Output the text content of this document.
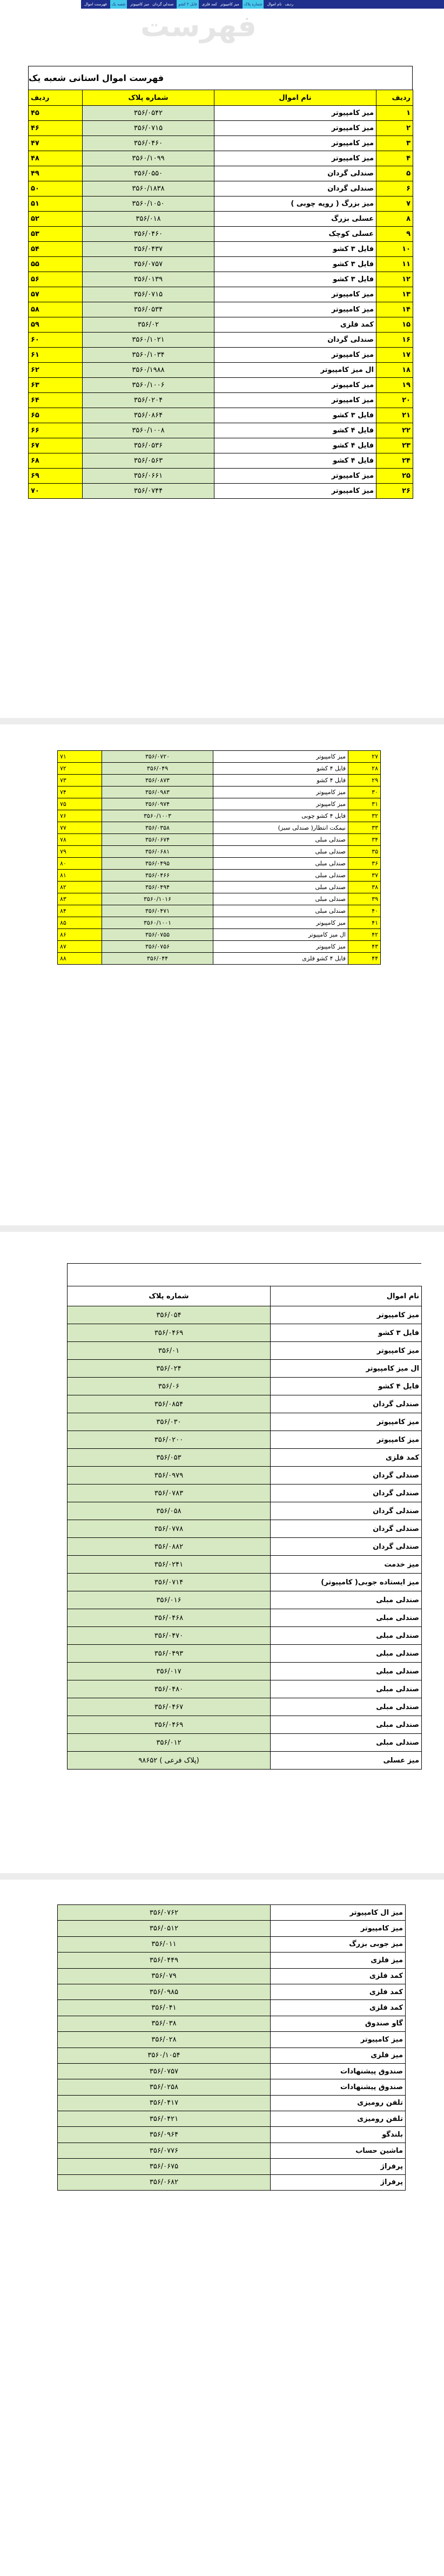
فهرست اموال	شعبه یک	میز کامپیوتر صندلی گردان	فایل ۴ کشو	کمد فلزی میز کامپیوتر	شماره پلاک	نام اموال ردیف
فهرست
فهرست اموال استانی شعبه یک
ردیف	نام اموال	شماره پلاک	ردیف
۱	میز کامپیوتر	۳۵۶/۰۵۴۲	۴۵
۲	میز کامپیوتر	۳۵۶/۰۷۱۵	۴۶
۳	میز کامپیوتر	۳۵۶/۰۴۶۰	۴۷
۴	میز کامپیوتر	۳۵۶۰/۱۰۹۹	۴۸
۵	صندلی گردان	۳۵۶/۰۵۵۰	۴۹
۶	صندلی گردان	۳۵۶۰/۱۸۳۸	۵۰
۷	میز بزرگ ( رویه چوبی )	۳۵۶۰/۱۰۵۰	۵۱
۸	عسلی بزرگ	۳۵۶/۰۱۸	۵۲
۹	عسلی کوچک	۳۵۶/۰۴۶۰	۵۳
۱۰	فایل ۳ کشو	۳۵۶/۰۴۳۷	۵۴
۱۱	فایل ۳ کشو	۳۵۶/۰۷۵۷	۵۵
۱۲	فایل ۳ کشو	۳۵۶/۰۱۳۹	۵۶
۱۳	میز کامپیوتر	۳۵۶/۰۷۱۵	۵۷
۱۴	میز کامپیوتر	۳۵۶/۰۵۳۴	۵۸
۱۵	کمد فلزی	۳۵۶/۰۲	۵۹
۱۶	صندلی گردان	۳۵۶۰/۱۰۲۱	۶۰
۱۷	میز کامپیوتر	۳۵۶۰/۱۰۳۴	۶۱
۱۸	ال میز کامپیوتر	۳۵۶۰/۱۹۸۸	۶۲
۱۹	میز کامپیوتر	۳۵۶۰/۱۰۰۶	۶۳
۲۰	میز کامپیوتر	۳۵۶/۰۲۰۴	۶۴
۲۱	فایل ۳ کشو	۳۵۶/۰۸۶۴	۶۵
۲۲	فایل ۴ کشو	۳۵۶۰/۱۰۰۸	۶۶
۲۳	فایل ۴ کشو	۳۵۶/۰۵۳۶	۶۷
۲۴	فایل ۴ کشو	۳۵۶/۰۵۶۳	۶۸
۲۵	میز کامپیوتر	۳۵۶/۰۶۶۱	۶۹
۲۶	میز کامپیوتر	۳۵۶/۰۷۴۴	۷۰
۲۷	میز کامپیوتر	۳۵۶/۰۷۲۰	۷۱
۲۸	فایل ۴ کشو	۳۵۶/۰۴۹	۷۲
۲۹	فایل ۴ کشو	۳۵۶/۰۸۷۳	۷۳
۳۰	میز کامپیوتر	۳۵۶/۰۹۸۳	۷۴
۳۱	میز کامپیوتر	۳۵۶/۰۹۷۴	۷۵
۳۲	فایل ۴ کشو چوبی	۳۵۶۰/۱۰۰۳	۷۶
۳۳	نیمکت انتظار( صندلی سبز)	۳۵۶/۰۳۵۸	۷۷
۳۴	صندلی مبلی	۳۵۶/۰۶۷۴	۷۸
۳۵	صندلی مبلی	۳۵۶/۰۶۸۱	۷۹
۳۶	صندلی مبلی	۳۵۶/۰۴۹۵	۸۰
۳۷	صندلی مبلی	۳۵۶/۰۴۶۶	۸۱
۳۸	صندلی مبلی	۳۵۶/۰۴۹۴	۸۲
۳۹	صندلی مبلی	۳۵۶۰/۱۰۱۶	۸۳
۴۰	صندلی مبلی	۳۵۶/۰۴۷۱	۸۴
۴۱	میز کامپیوتر	۳۵۶۰/۱۰۰۱	۸۵
۴۲	ال میز کامپیوتر	۳۵۶/۰۷۵۵	۸۶
۴۳	میز کامپیوتر	۳۵۶/۰۷۵۶	۸۷
۴۴	فایل ۴ کشو فلزی	۳۵۶/۰۴۴	۸۸
نام اموال	شماره پلاک
میز کامپیوتر	۳۵۶/۰۵۴
فایل ۳ کشو	۳۵۶/۰۴۶۹
میز کامپیوتر	۳۵۶/۰۱
ال میز کامپیوتر	۳۵۶/۰۲۴
فایل ۴ کشو	۳۵۶/۰۶
صندلی گردان	۳۵۶/۰۸۵۴
میز کامپیوتر	۳۵۶/۰۳۰
میز کامپیوتر	۳۵۶/۰۲۰۰
کمد فلزی	۳۵۶/۰۵۳
صندلی گردان	۳۵۶/۰۹۷۹
صندلی گردان	۳۵۶/۰۷۸۳
صندلی گردان	۳۵۶/۰۵۸
صندلی گردان	۳۵۶/۰۷۷۸
صندلی گردان	۳۵۶/۰۸۸۲
میز خدمت	۳۵۶/۰۲۴۱
میز ایستاده جوبی( کامپیوتر)	۳۵۶/۰۷۱۴
صندلی مبلی	۳۵۶/۰۱۶
صندلی مبلی	۳۵۶/۰۴۶۸
صندلی مبلی	۳۵۶/۰۴۷۰
صندلی مبلی	۳۵۶/۰۴۹۳
صندلی مبلی	۳۵۶/۰۱۷
صندلی مبلی	۳۵۶/۰۴۸۰
صندلی مبلی	۳۵۶/۰۴۶۷
صندلی مبلی	۳۵۶/۰۴۶۹
صندلی مبلی	۳۵۶/۰۱۲
میز عسلی	(پلاک فرعی ) ۹۸۶۵۲
میز ال کامپیوتر	۳۵۶/۰۷۶۲
میز کامپیوتر	۳۵۶/۰۵۱۲
میز جوبی بزرگ	۳۵۶/۰۱۱
میز فلزی	۳۵۶/۰۴۴۹
کمد فلزی	۳۵۶/۰۷۹
کمد فلزی	۳۵۶/۰۹۸۵
کمد فلزی	۳۵۶/۰۴۱
گاو صندوق	۳۵۶/۰۳۸
میز کامپیوتر	۳۵۶/۰۲۸
میز فلزی	۳۵۶۰/۱۰۵۴
صندوق پیشنهادات	۳۵۶/۰۷۵۷
صندوق پیشنهادات	۳۵۶/۰۲۵۸
تلفن رومیزی	۳۵۶/۰۴۱۷
تلفن رومیزی	۳۵۶/۰۴۲۱
بلندگو	۳۵۶/۰۹۶۴
ماشین حساب	۳۵۶/۰۷۷۶
پرفراژ	۳۵۶/۰۶۷۵
پرفراژ	۳۵۶/۰۶۸۲
